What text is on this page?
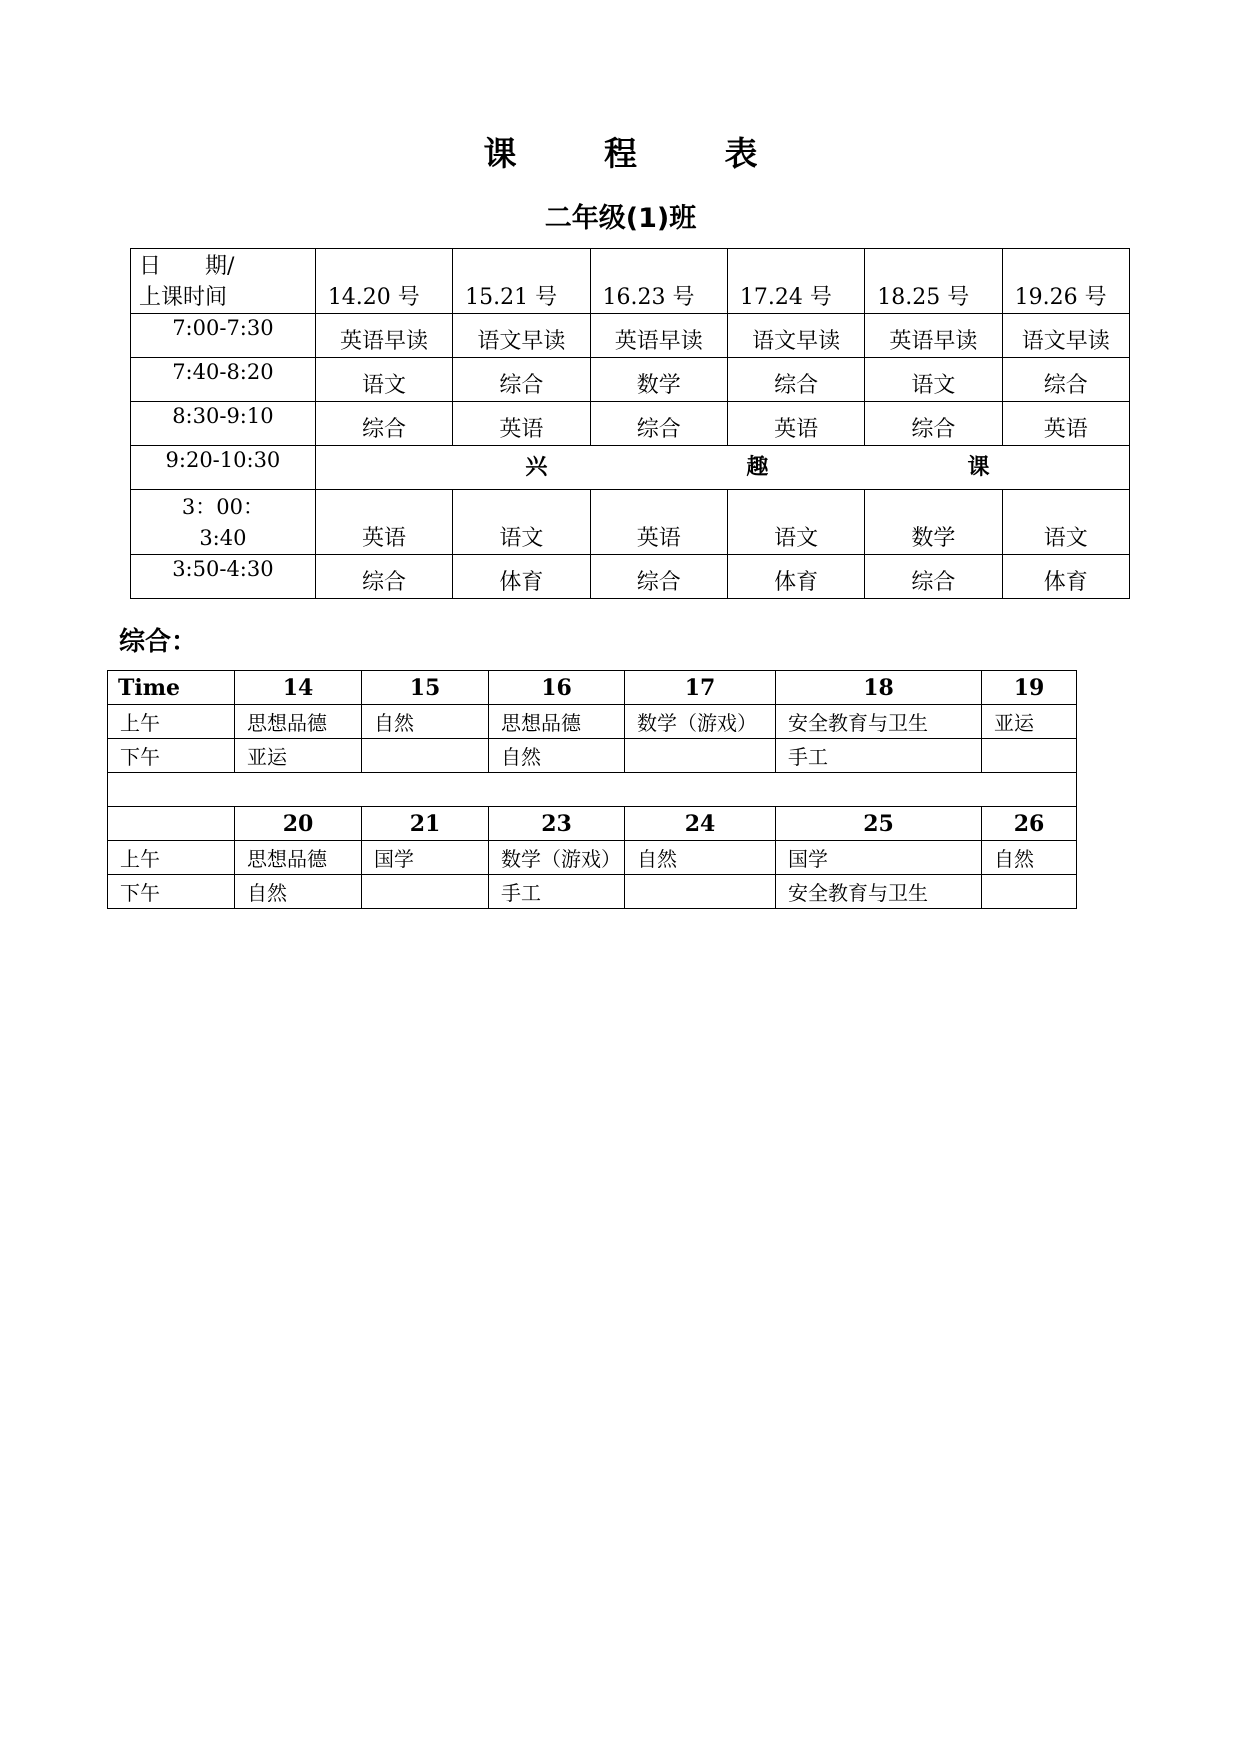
课 程 表
二年级(1)班
日　　期/
上课时间	14.20 号	15.21 号	16.23 号	17.24 号	18.25 号	19.26 号
7:00-7:30	英语早读	语文早读	英语早读	语文早读	英语早读	语文早读
7:40-8:20	语文	综合	数学	综合	语文	综合
8:30-9:10	综合	英语	综合	英语	综合	英语
9:20-10:30	兴 趣 课					

3：00：
3:40	英语	语文	英语	语文	数学	语文
3:50-4:30	综合	体育	综合	体育	综合	体育
综合：
Time	14	15	16	17	18	19
上午	思想品德	自然	思想品德	数学（游戏）	安全教育与卫生	亚运
下午	亚运		自然		手工	

	20	21	23	24	25	26
上午	思想品德	国学	数学（游戏）	自然	国学	自然
下午	自然		手工		安全教育与卫生	
